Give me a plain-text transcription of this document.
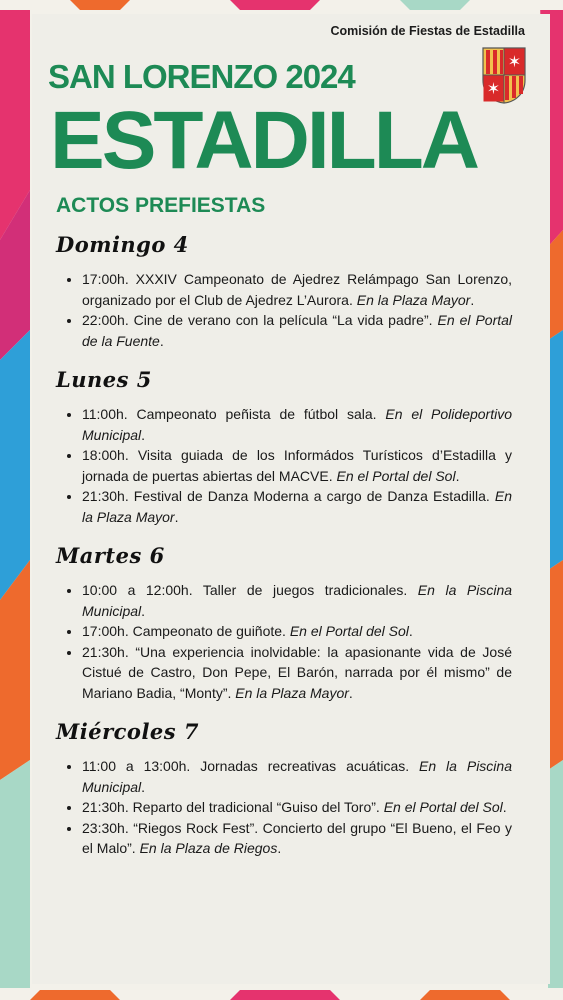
Comisión de Fiestas de Estadilla
✶
✶
SAN LORENZO 2024
ESTADILLA
ACTOS PREFIESTAS
Domingo 4
• 17:00h. XXXIV Campeonato de Ajedrez Relámpago San Lorenzo, organizado por el Club de Ajedrez L’Aurora. En la Plaza Mayor.
• 22:00h. Cine de verano con la película “La vida padre”. En el Portal de la Fuente.
Lunes 5
• 11:00h. Campeonato peñista de fútbol sala. En el Polideportivo Municipal.
• 18:00h. Visita guiada de los Informádos Turísticos d’Estadilla y jornada de puertas abiertas del MACVE. En el Portal del Sol.
• 21:30h. Festival de Danza Moderna a cargo de Danza Estadilla. En la Plaza Mayor.
Martes 6
• 10:00 a 12:00h. Taller de juegos tradicionales. En la Piscina Municipal.
• 17:00h. Campeonato de guiñote. En el Portal del Sol.
• 21:30h. “Una experiencia inolvidable: la apasionante vida de José Cistué de Castro, Don Pepe, El Barón, narrada por él mismo” de Mariano Badia, “Monty”. En la Plaza Mayor.
Miércoles 7
• 11:00 a 13:00h. Jornadas recreativas acuáticas. En la Piscina Municipal.
• 21:30h. Reparto del tradicional “Guiso del Toro”. En el Portal del Sol.
• 23:30h. “Riegos Rock Fest”. Concierto del grupo “El Bueno, el Feo y el Malo”. En la Plaza de Riegos.
